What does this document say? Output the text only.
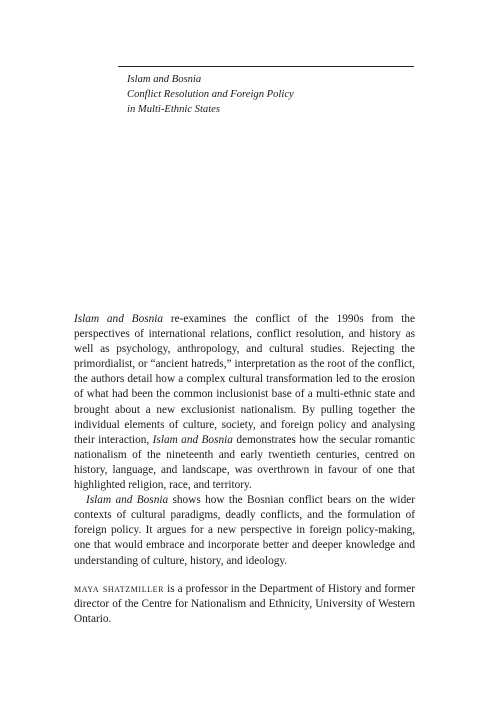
Islam and Bosnia
Conflict Resolution and Foreign Policy
in Multi-Ethnic States

Islam and Bosnia re-examines the conflict of the 1990s from the perspectives of international relations, conflict resolution, and history as well as psychology, anthropology, and cultural studies. Rejecting the primordialist, or “ancient hatreds,” interpretation as the root of the conflict, the authors detail how a complex cultural transformation led to the erosion of what had been the common inclusionist base of a multi-ethnic state and brought about a new exclusionist nationalism. By pulling together the individual elements of culture, society, and foreign policy and analysing their interaction, Islam and Bosnia demonstrates how the secular romantic nationalism of the nineteenth and early twentieth centuries, centred on history, language, and landscape, was overthrown in favour of one that highlighted religion, race, and territory.

Islam and Bosnia shows how the Bosnian conflict bears on the wider contexts of cultural paradigms, deadly conflicts, and the formulation of foreign policy. It argues for a new perspective in foreign policy-making, one that would embrace and incorporate better and deeper knowledge and understanding of culture, history, and ideology.

maya shatzmiller is a professor in the Department of History and former director of the Centre for Nationalism and Ethnicity, University of Western Ontario.
